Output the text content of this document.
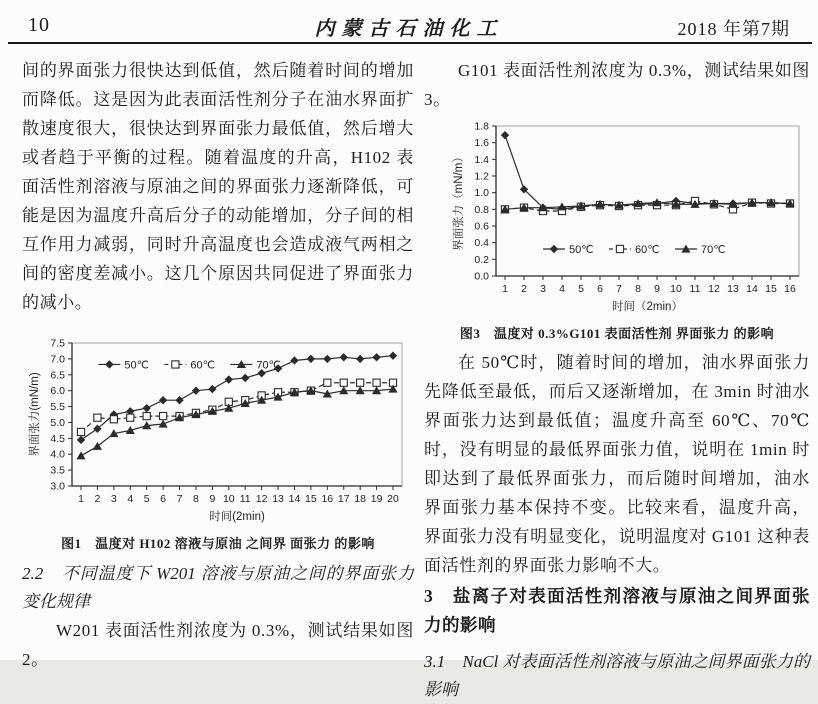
10	内蒙古石油化工	2018 年第7期

间的界面张力很快达到低值，然后随着时间的增加而降低。这是因为此表面活性剂分子在油水界面扩散速度很大，很快达到界面张力最低值，然后增大或者趋于平衡的过程。随着温度的升高，H102 表面活性剂溶液与原油之间的界面张力逐渐降低，可能是因为温度升高后分子的动能增加，分子间的相互作用力减弱，同时升高温度也会造成液气两相之间的密度差减小。这几个原因共同促进了界面张力的减小。

3.0
3.5
4.0
4.5
5.0
5.5
6.0
6.5
7.0
7.5
1 2 3 4 5 6 7 8 9 10 11 12 13 14 15 16 17 18 19 20
时间(2min)
界面张力(mN/m)
50℃	60℃	70℃
图1　温度对 H102 溶液与原油 之间界 面张力 的影响
2.2　不同温度下 W201 溶液与原油之间的界面张力变化规律

W201 表面活性剂浓度为 0.3%，测试结果如图2。

G101 表面活性剂浓度为 0.3%，测试结果如图3。

0.0
0.2
0.4
0.6
0.8
1.0
1.2
1.4
1.6
1.8
1 2 3 4 5 6 7 8 9 10 11 12 13 14 15 16
时间（2min）
界面张力（mN/m）	50℃	60℃	70℃
图3　温度对 0.3%G101 表面活性剂 界面张力 的影响

在 50℃时，随着时间的增加，油水界面张力先降低至最低，而后又逐渐增加，在 3min 时油水界面张力达到最低值；温度升高至 60℃、70℃时，没有明显的最低界面张力值，说明在 1min 时即达到了最低界面张力，而后随时间增加，油水界面张力基本保持不变。比较来看，温度升高，界面张力没有明显变化，说明温度对 G101 这种表面活性剂的界面张力影响不大。

3　盐离子对表面活性剂溶液与原油之间界面张力的影响
3.1　NaCl 对表面活性剂溶液与原油之间界面张力的影响
